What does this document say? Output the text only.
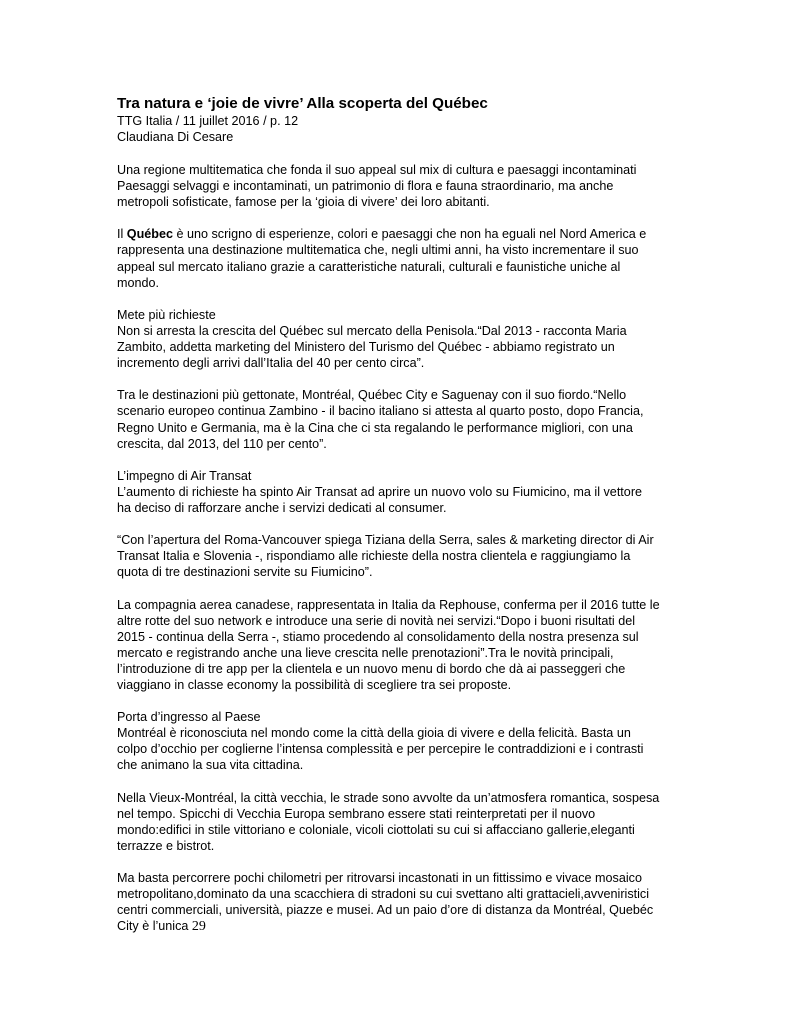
Tra natura e ‘joie de vivre’ Alla scoperta del Québec
TTG Italia / 11 juillet 2016 / p. 12
Claudiana Di Cesare

Una regione multitematica che fonda il suo appeal sul mix di cultura e paesaggi incontaminati
Paesaggi selvaggi e incontaminati, un patrimonio di flora e fauna straordinario, ma anche
metropoli sofisticate, famose per la ‘gioia di vivere’ dei loro abitanti.

Il Québec è uno scrigno di esperienze, colori e paesaggi che non ha eguali nel Nord America e
rappresenta una destinazione multitematica che, negli ultimi anni, ha visto incrementare il suo
appeal sul mercato italiano grazie a caratteristiche naturali, culturali e faunistiche uniche al
mondo.

Mete più richieste
Non si arresta la crescita del Québec sul mercato della Penisola.“Dal 2013 - racconta Maria
Zambito, addetta marketing del Ministero del Turismo del Québec - abbiamo registrato un
incremento degli arrivi dall’Italia del 40 per cento circa”.

Tra le destinazioni più gettonate, Montréal, Québec City e Saguenay con il suo fiordo.“Nello
scenario europeo continua Zambino - il bacino italiano si attesta al quarto posto, dopo Francia,
Regno Unito e Germania, ma è la Cina che ci sta regalando le performance migliori, con una
crescita, dal 2013, del 110 per cento”.

L’impegno di Air Transat
L’aumento di richieste ha spinto Air Transat ad aprire un nuovo volo su Fiumicino, ma il vettore
ha deciso di rafforzare anche i servizi dedicati al consumer.

“Con l’apertura del Roma-Vancouver spiega Tiziana della Serra, sales & marketing director di Air
Transat Italia e Slovenia -, rispondiamo alle richieste della nostra clientela e raggiungiamo la
quota di tre destinazioni servite su Fiumicino”.

La compagnia aerea canadese, rappresentata in Italia da Rephouse, conferma per il 2016 tutte le
altre rotte del suo network e introduce una serie di novità nei servizi.“Dopo i buoni risultati del
2015 - continua della Serra -, stiamo procedendo al consolidamento della nostra presenza sul
mercato e registrando anche una lieve crescita nelle prenotazioni”.Tra le novità principali,
l’introduzione di tre app per la clientela e un nuovo menu di bordo che dà ai passeggeri che
viaggiano in classe economy la possibilità di scegliere tra sei proposte.

Porta d’ingresso al Paese
Montréal è riconosciuta nel mondo come la città della gioia di vivere e della felicità. Basta un
colpo d’occhio per coglierne l’intensa complessità e per percepire le contraddizioni e i contrasti
che animano la sua vita cittadina.

Nella Vieux-Montréal, la città vecchia, le strade sono avvolte da un’atmosfera romantica, sospesa
nel tempo. Spicchi di Vecchia Europa sembrano essere stati reinterpretati per il nuovo
mondo:edifici in stile vittoriano e coloniale, vicoli ciottolati su cui si affacciano gallerie,eleganti
terrazze e bistrot.

Ma basta percorrere pochi chilometri per ritrovarsi incastonati in un fittissimo e vivace mosaico
metropolitano,dominato da una scacchiera di stradoni su cui svettano alti grattacieli,avveniristici
centri commerciali, università, piazze e musei. Ad un paio d’ore di distanza da Montréal, Quebéc
City è l’unica 29
